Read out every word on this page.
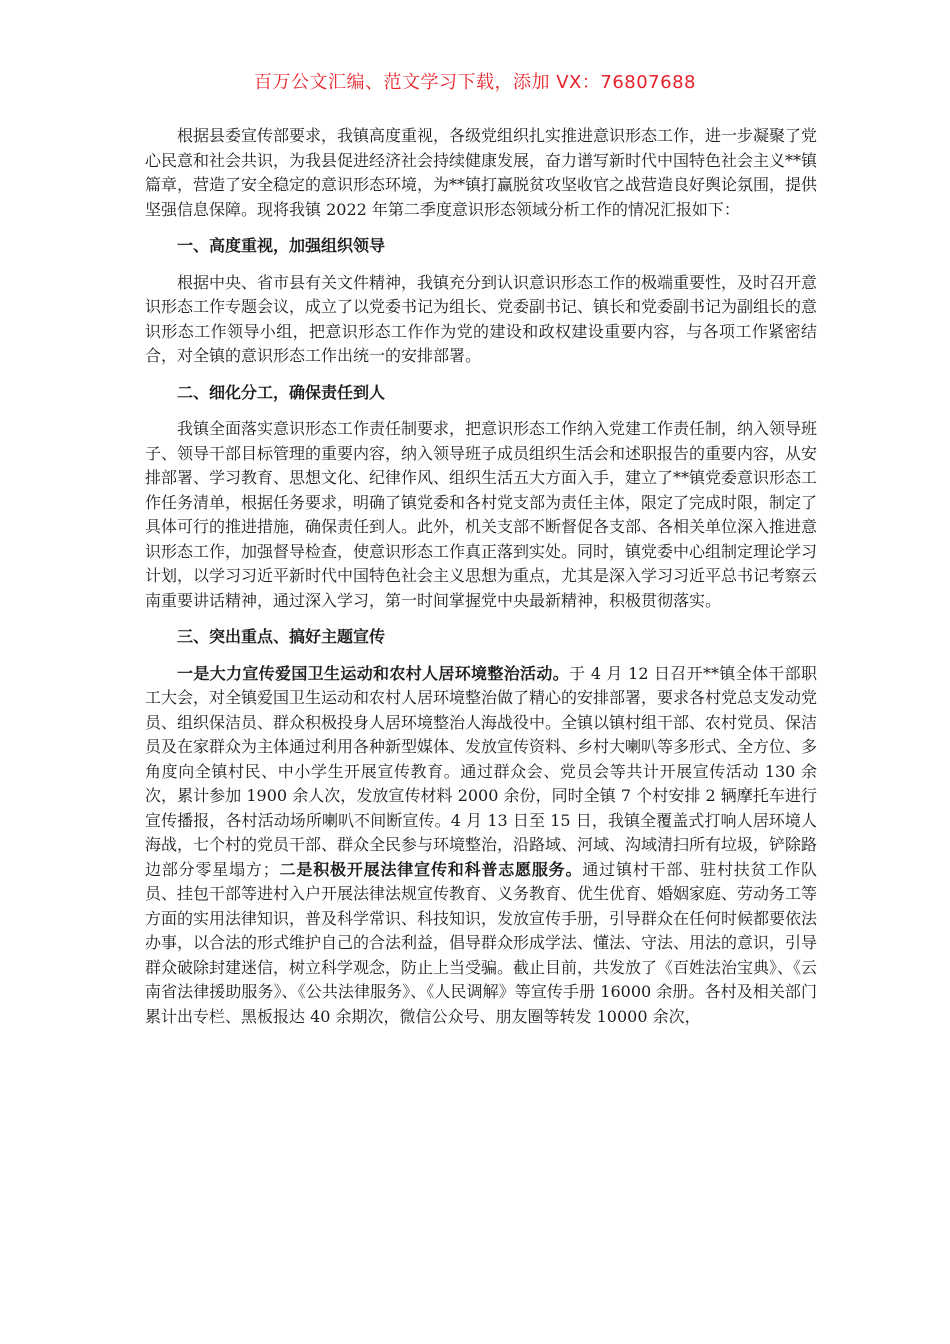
百万公文汇编、范文学习下载，添加 VX：76807688

根据县委宣传部要求，我镇高度重视，各级党组织扎实推进意识形态工作，进一步凝聚了党心民意和社会共识，为我县促进经济社会持续健康发展，奋力谱写新时代中国特色社会主义**镇篇章，营造了安全稳定的意识形态环境，为**镇打赢脱贫攻坚收官之战营造良好舆论氛围，提供坚强信息保障。现将我镇 2022 年第二季度意识形态领域分析工作的情况汇报如下：

一、高度重视，加强组织领导

根据中央、省市县有关文件精神，我镇充分到认识意识形态工作的极端重要性，及时召开意识形态工作专题会议，成立了以党委书记为组长、党委副书记、镇长和党委副书记为副组长的意识形态工作领导小组，把意识形态工作作为党的建设和政权建设重要内容，与各项工作紧密结合，对全镇的意识形态工作出统一的安排部署。

二、细化分工，确保责任到人

我镇全面落实意识形态工作责任制要求，把意识形态工作纳入党建工作责任制，纳入领导班子、领导干部目标管理的重要内容，纳入领导班子成员组织生活会和述职报告的重要内容，从安排部署、学习教育、思想文化、纪律作风、组织生活五大方面入手，建立了**镇党委意识形态工作任务清单，根据任务要求，明确了镇党委和各村党支部为责任主体，限定了完成时限，制定了具体可行的推进措施，确保责任到人。此外，机关支部不断督促各支部、各相关单位深入推进意识形态工作，加强督导检查，使意识形态工作真正落到实处。同时，镇党委中心组制定理论学习计划，以学习习近平新时代中国特色社会主义思想为重点，尤其是深入学习习近平总书记考察云南重要讲话精神，通过深入学习，第一时间掌握党中央最新精神，积极贯彻落实。

三、突出重点、搞好主题宣传

一是大力宣传爱国卫生运动和农村人居环境整治活动。于 4 月 12 日召开**镇全体干部职工大会，对全镇爱国卫生运动和农村人居环境整治做了精心的安排部署，要求各村党总支发动党员、组织保洁员、群众积极投身人居环境整治人海战役中。全镇以镇村组干部、农村党员、保洁员及在家群众为主体通过利用各种新型媒体、发放宣传资料、乡村大喇叭等多形式、全方位、多角度向全镇村民、中小学生开展宣传教育。通过群众会、党员会等共计开展宣传活动 130 余次，累计参加 1900 余人次，发放宣传材料 2000 余份，同时全镇 7 个村安排 2 辆摩托车进行宣传播报，各村活动场所喇叭不间断宣传。4 月 13 日至 15 日，我镇全覆盖式打响人居环境人海战，七个村的党员干部、群众全民参与环境整治，沿路域、河域、沟域清扫所有垃圾，铲除路边部分零星塌方；二是积极开展法律宣传和科普志愿服务。通过镇村干部、驻村扶贫工作队员、挂包干部等进村入户开展法律法规宣传教育、义务教育、优生优育、婚姻家庭、劳动务工等方面的实用法律知识，普及科学常识、科技知识，发放宣传手册，引导群众在任何时候都要依法办事，以合法的形式维护自己的合法利益，倡导群众形成学法、懂法、守法、用法的意识，引导群众破除封建迷信，树立科学观念，防止上当受骗。截止目前，共发放了《百姓法治宝典》、《云南省法律援助服务》、《公共法律服务》、《人民调解》等宣传手册 16000 余册。各村及相关部门累计出专栏、黑板报达 40 余期次，微信公众号、朋友圈等转发 10000 余次，
